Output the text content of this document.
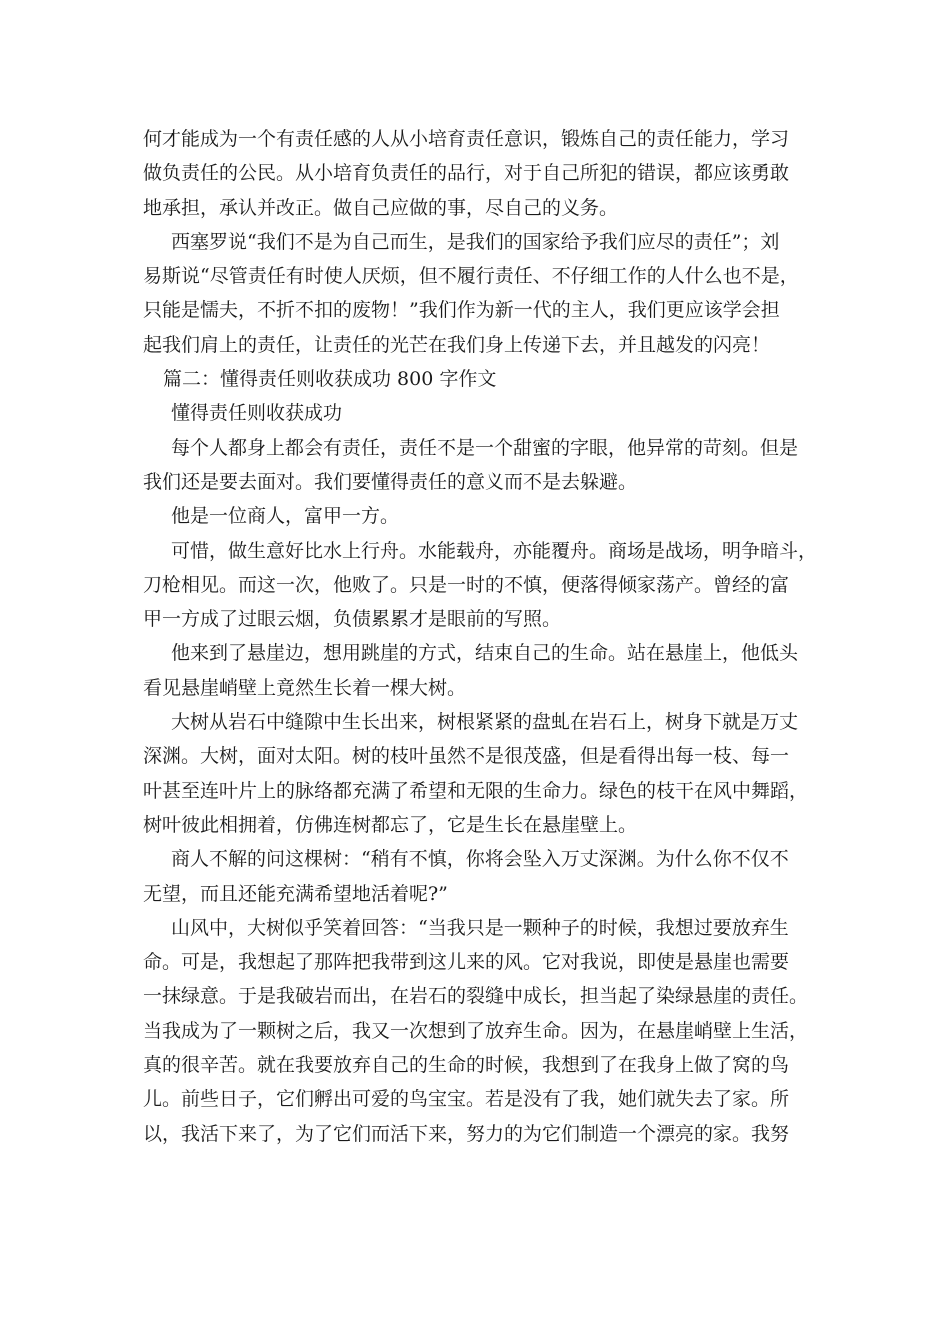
何才能成为一个有责任感的人从小培育责任意识，锻炼自己的责任能力，学习
做负责任的公民。从小培育负责任的品行，对于自己所犯的错误，都应该勇敢
地承担，承认并改正。做自己应做的事，尽自己的义务。
西塞罗说“我们不是为自己而生，是我们的国家给予我们应尽的责任”；刘
易斯说“尽管责任有时使人厌烦，但不履行责任、不仔细工作的人什么也不是，
只能是懦夫，不折不扣的废物！”我们作为新一代的主人，我们更应该学会担
起我们肩上的责任，让责任的光芒在我们身上传递下去，并且越发的闪亮！
篇二：懂得责任则收获成功 800 字作文
懂得责任则收获成功
每个人都身上都会有责任，责任不是一个甜蜜的字眼，他异常的苛刻。但是
我们还是要去面对。我们要懂得责任的意义而不是去躲避。
他是一位商人，富甲一方。
可惜，做生意好比水上行舟。水能载舟，亦能覆舟。商场是战场，明争暗斗，
刀枪相见。而这一次，他败了。只是一时的不慎，便落得倾家荡产。曾经的富
甲一方成了过眼云烟，负债累累才是眼前的写照。
他来到了悬崖边，想用跳崖的方式，结束自己的生命。站在悬崖上，他低头
看见悬崖峭壁上竟然生长着一棵大树。
大树从岩石中缝隙中生长出来，树根紧紧的盘虬在岩石上，树身下就是万丈
深渊。大树，面对太阳。树的枝叶虽然不是很茂盛，但是看得出每一枝、每一
叶甚至连叶片上的脉络都充满了希望和无限的生命力。绿色的枝干在风中舞蹈，
树叶彼此相拥着，仿佛连树都忘了，它是生长在悬崖壁上。
商人不解的问这棵树：“稍有不慎，你将会坠入万丈深渊。为什么你不仅不
无望，而且还能充满希望地活着呢?”
山风中，大树似乎笑着回答：“当我只是一颗种子的时候，我想过要放弃生
命。可是，我想起了那阵把我带到这儿来的风。它对我说，即使是悬崖也需要
一抹绿意。于是我破岩而出，在岩石的裂缝中成长，担当起了染绿悬崖的责任。
当我成为了一颗树之后，我又一次想到了放弃生命。因为，在悬崖峭壁上生活，
真的很辛苦。就在我要放弃自己的生命的时候，我想到了在我身上做了窝的鸟
儿。前些日子，它们孵出可爱的鸟宝宝。若是没有了我，她们就失去了家。所
以，我活下来了，为了它们而活下来，努力的为它们制造一个漂亮的家。我努
